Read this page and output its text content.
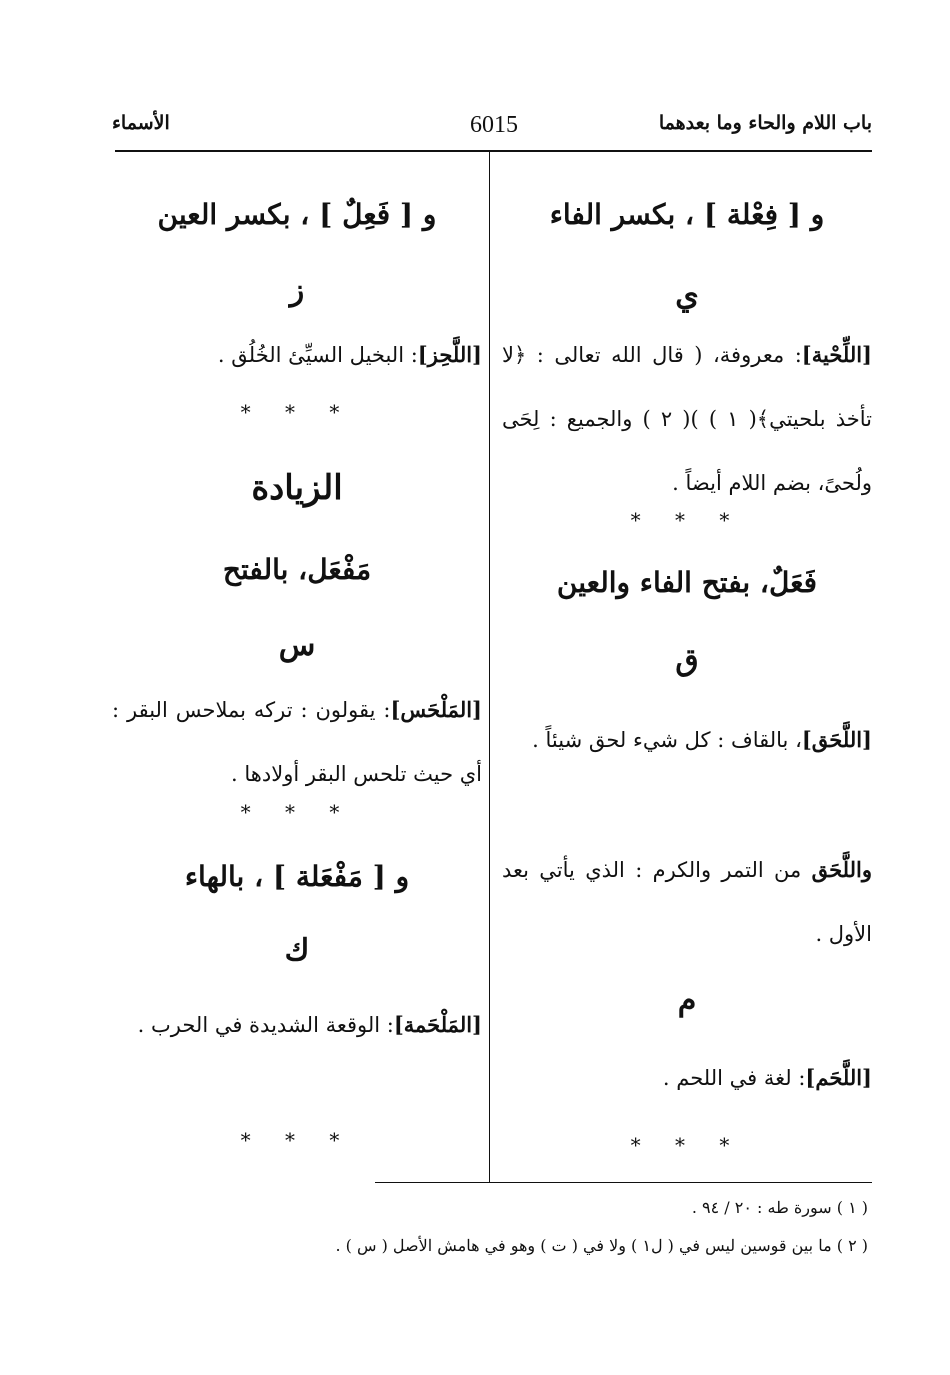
باب اللام والحاء وما بعدهما
6015
الأسماء
و [ فِعْلة ] ، بكسر الفاء
ي
[اللِّحْية]: معروفة، ( قال الله تعالى : ﴿لا تأخذ بلحيتي﴾( ١ ) )( ٢ ) والجميع : لِحَى ولُحىً، بضم اللام أيضاً .
* * *
فَعَلٌ، بفتح الفاء والعين
ق
[اللَّحَق]، بالقاف : كل شيء لحق شيئاً .
واللَّحَق من التمر والكرم : الذي يأتي بعد الأول .
م
[اللَّحَم]: لغة في اللحم .
* * *
و [ فَعِلٌ ] ، بكسر العين
ز
[اللَّحِز]: البخيل السيِّئ الخُلُق .
* * *
الزيادة
مَفْعَل، بالفتح
س
[المَلْحَس]: يقولون : تركه بملاحس البقر : أي حيث تلحس البقر أولادها .
* * *
و [ مَفْعَلة ] ، بالهاء
ك
[المَلْحَمة]: الوقعة الشديدة في الحرب .
* * *
( ١ ) سورة طه : ٢٠ / ٩٤ .
( ٢ ) ما بين قوسين ليس في ( ل١ ) ولا في ( ت ) وهو في هامش الأصل ( س ) .
